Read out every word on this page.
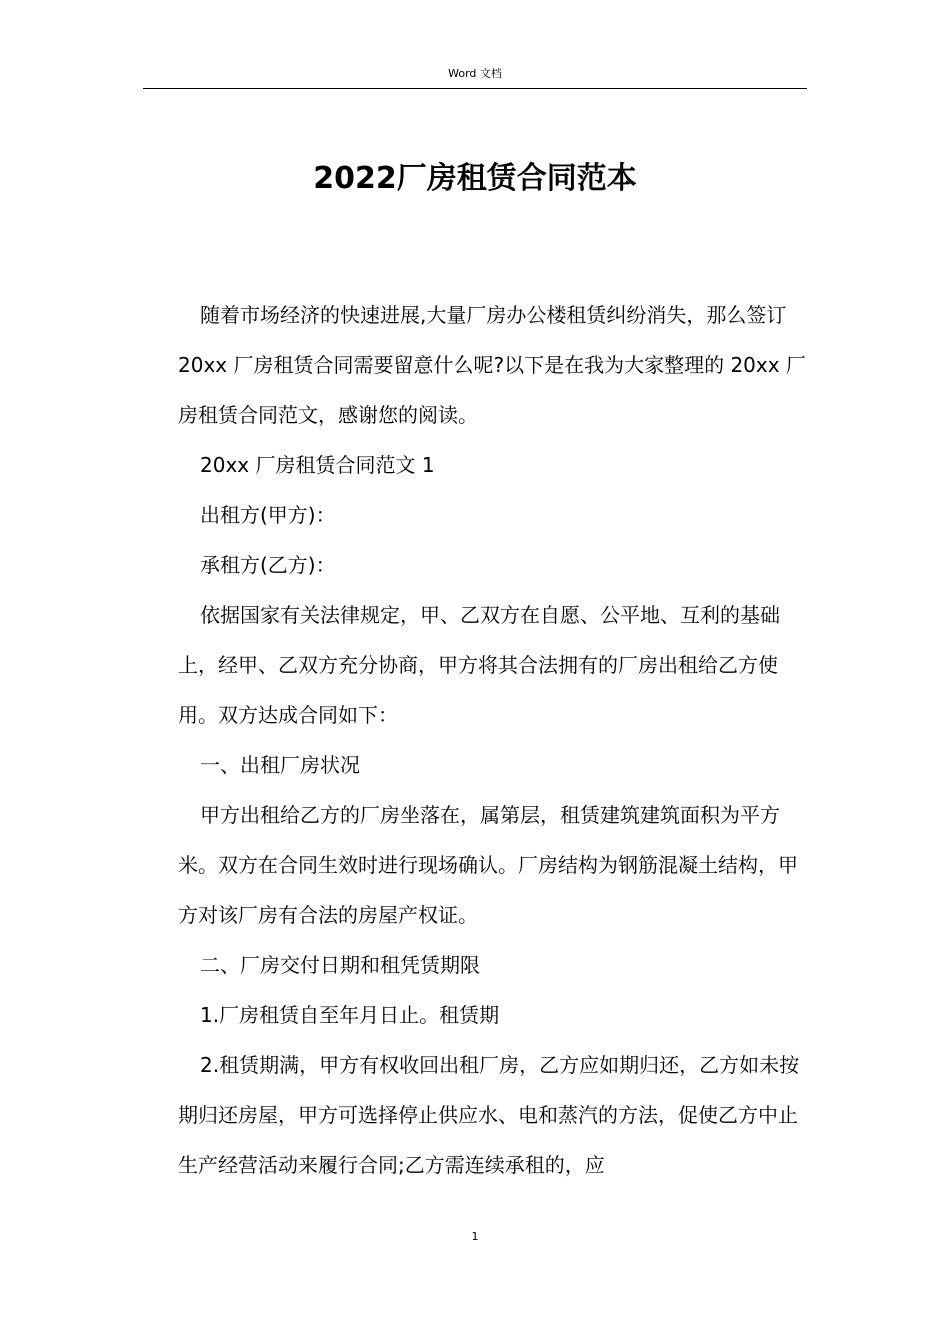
Word 文档
2022厂房租赁合同范本

随着市场经济的快速进展,大量厂房办公楼租赁纠纷消失，那么签订 20xx 厂房租赁合同需要留意什么呢?以下是在我为大家整理的 20xx 厂房租赁合同范文，感谢您的阅读。

20xx 厂房租赁合同范文 1

出租方(甲方)：

承租方(乙方)：

依据国家有关法律规定，甲、乙双方在自愿、公平地、互利的基础上，经甲、乙双方充分协商，甲方将其合法拥有的厂房出租给乙方使用。双方达成合同如下：

一、出租厂房状况

甲方出租给乙方的厂房坐落在，属第层，租赁建筑建筑面积为平方米。双方在合同生效时进行现场确认。厂房结构为钢筋混凝土结构，甲方对该厂房有合法的房屋产权证。

二、厂房交付日期和租凭赁期限

1.厂房租赁自至年月日止。租赁期

2.租赁期满，甲方有权收回出租厂房，乙方应如期归还，乙方如未按期归还房屋，甲方可选择停止供应水、电和蒸汽的方法，促使乙方中止生产经营活动来履行合同;乙方需连续承租的，应

1
